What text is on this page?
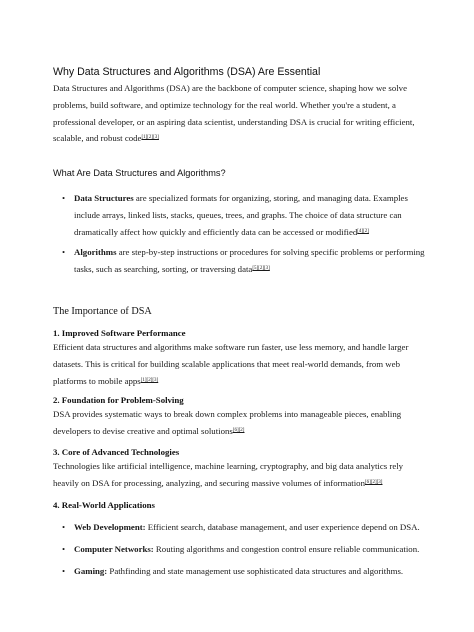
Why Data Structures and Algorithms (DSA) Are Essential

Data Structures and Algorithms (DSA) are the backbone of computer science, shaping how we solve problems, build software, and optimize technology for the real world. Whether you're a student, a professional developer, or an aspiring data scientist, understanding DSA is crucial for writing efficient, scalable, and robust code[1][2][3]

What Are Data Structures and Algorithms?
• Data Structures are specialized formats for organizing, storing, and managing data. Examples include arrays, linked lists, stacks, queues, trees, and graphs. The choice of data structure can dramatically affect how quickly and efficiently data can be accessed or modified[4][2]

• Algorithms are step-by-step instructions or procedures for solving specific problems or performing tasks, such as searching, sorting, or traversing data[5][2][3]

The Importance of DSA
1. Improved Software Performance

Efficient data structures and algorithms make software run faster, use less memory, and handle larger datasets. This is critical for building scalable applications that meet real-world demands, from web platforms to mobile apps[1][2][3]

2. Foundation for Problem-Solving

DSA provides systematic ways to break down complex problems into manageable pieces, enabling developers to devise creative and optimal solutions[6][2]

3. Core of Advanced Technologies

Technologies like artificial intelligence, machine learning, cryptography, and big data analytics rely heavily on DSA for processing, analyzing, and securing massive volumes of information[6][2][3]

4. Real-World Applications
• Web Development: Efficient search, database management, and user experience depend on DSA.

• Computer Networks: Routing algorithms and congestion control ensure reliable communication.

• Gaming: Pathfinding and state management use sophisticated data structures and algorithms.
